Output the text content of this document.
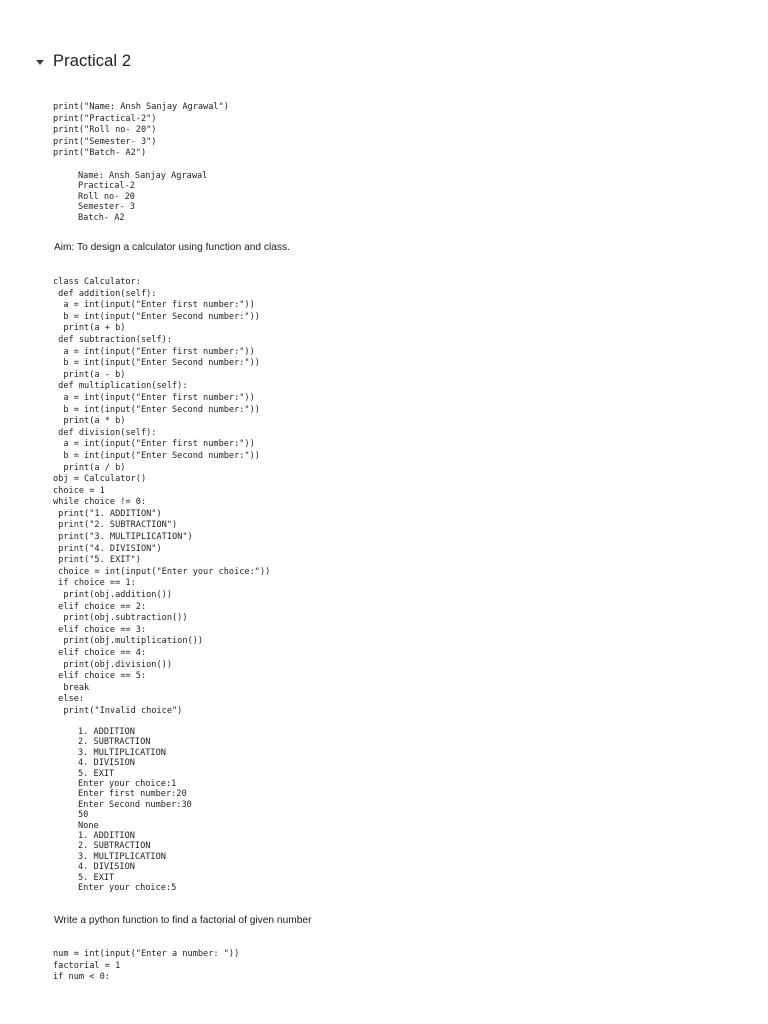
Practical 2
print("Name: Ansh Sanjay Agrawal")
print("Practical-2")
print("Roll no- 20")
print("Semester- 3")
print("Batch- A2")
Name: Ansh Sanjay Agrawal
Practical-2
Roll no- 20
Semester- 3
Batch- A2

Aim: To design a calculator using function and class.

class Calculator:
def addition(self):
a = int(input("Enter first number:"))
b = int(input("Enter Second number:"))
print(a + b)
def subtraction(self):
a = int(input("Enter first number:"))
b = int(input("Enter Second number:"))
print(a - b)
def multiplication(self):
a = int(input("Enter first number:"))
b = int(input("Enter Second number:"))
print(a * b)
def division(self):
a = int(input("Enter first number:"))
b = int(input("Enter Second number:"))
print(a / b)
obj = Calculator()
choice = 1
while choice != 0:
print("1. ADDITION")
print("2. SUBTRACTION")
print("3. MULTIPLICATION")
print("4. DIVISION")
print("5. EXIT")
choice = int(input("Enter your choice:"))
if choice == 1:
print(obj.addition())
elif choice == 2:
print(obj.subtraction())
elif choice == 3:
print(obj.multiplication())
elif choice == 4:
print(obj.division())
elif choice == 5:
break
else:
print("Invalid choice")
1. ADDITION
2. SUBTRACTION
3. MULTIPLICATION
4. DIVISION
5. EXIT
Enter your choice:1
Enter first number:20
Enter Second number:30
50
None
1. ADDITION
2. SUBTRACTION
3. MULTIPLICATION
4. DIVISION
5. EXIT
Enter your choice:5

Write a python function to find a factorial of given number

num = int(input("Enter a number: "))
factorial = 1
if num < 0:
